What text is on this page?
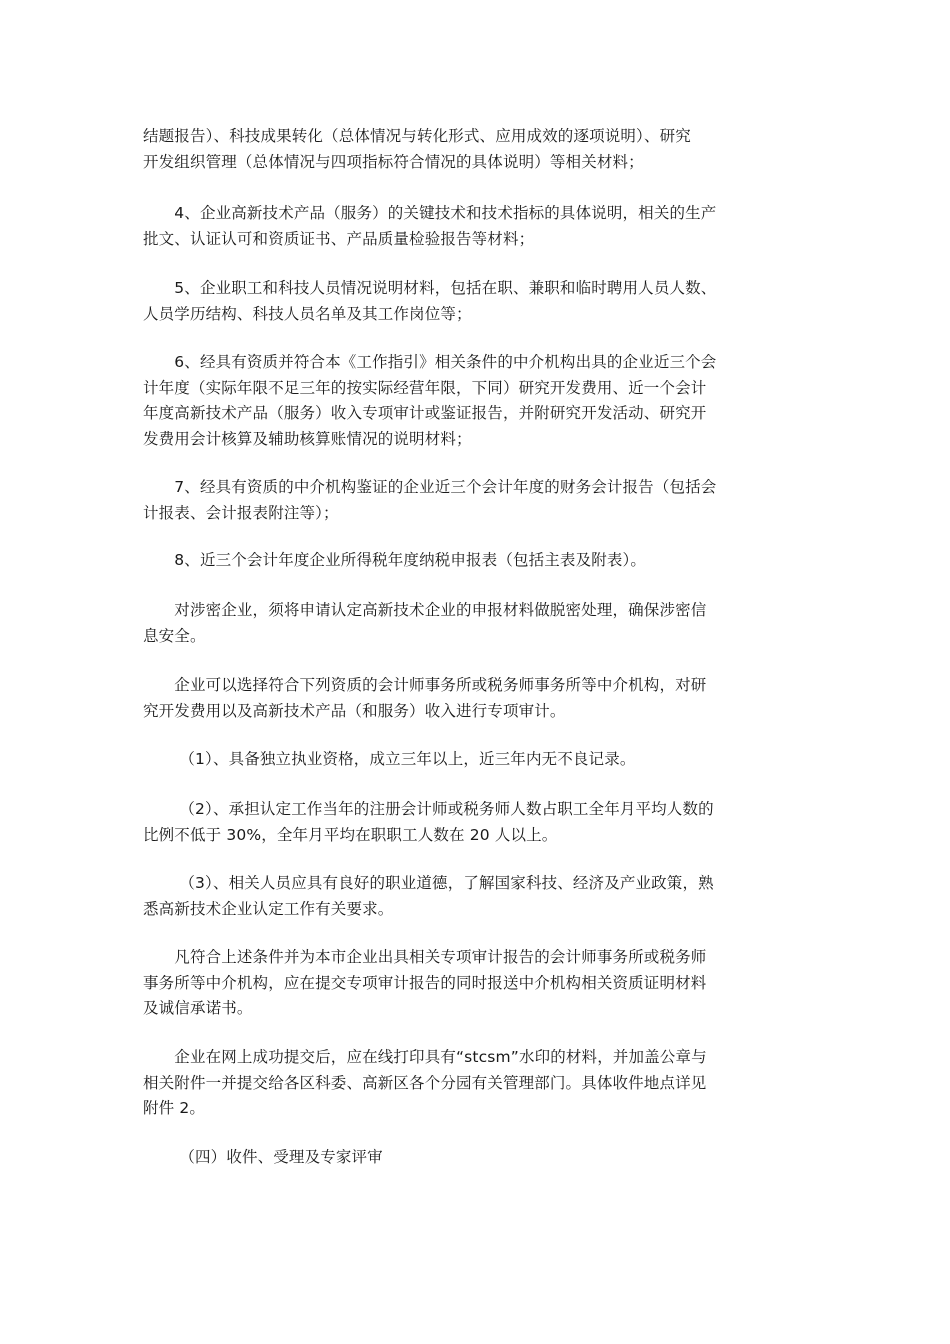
结题报告）、科技成果转化（总体情况与转化形式、应用成效的逐项说明）、研究
开发组织管理（总体情况与四项指标符合情况的具体说明）等相关材料；

　　4、企业高新技术产品（服务）的关键技术和技术指标的具体说明，相关的生产
批文、认证认可和资质证书、产品质量检验报告等材料；

　　5、企业职工和科技人员情况说明材料，包括在职、兼职和临时聘用人员人数、
人员学历结构、科技人员名单及其工作岗位等；

　　6、经具有资质并符合本《工作指引》相关条件的中介机构出具的企业近三个会
计年度（实际年限不足三年的按实际经营年限，下同）研究开发费用、近一个会计
年度高新技术产品（服务）收入专项审计或鉴证报告，并附研究开发活动、研究开
发费用会计核算及辅助核算账情况的说明材料；

　　7、经具有资质的中介机构鉴证的企业近三个会计年度的财务会计报告（包括会
计报表、会计报表附注等）；

　　8、近三个会计年度企业所得税年度纳税申报表（包括主表及附表）。

　　对涉密企业，须将申请认定高新技术企业的申报材料做脱密处理，确保涉密信
息安全。

　　企业可以选择符合下列资质的会计师事务所或税务师事务所等中介机构，对研
究开发费用以及高新技术产品（和服务）收入进行专项审计。

　　 （1）、具备独立执业资格，成立三年以上，近三年内无不良记录。

　　 （2）、承担认定工作当年的注册会计师或税务师人数占职工全年月平均人数的
比例不低于 30%，全年月平均在职职工人数在 20 人以上。

　　 （3）、相关人员应具有良好的职业道德，了解国家科技、经济及产业政策，熟
悉高新技术企业认定工作有关要求。

　　凡符合上述条件并为本市企业出具相关专项审计报告的会计师事务所或税务师
事务所等中介机构，应在提交专项审计报告的同时报送中介机构相关资质证明材料
及诚信承诺书。

　　企业在网上成功提交后，应在线打印具有“stcsm”水印的材料，并加盖公章与
相关附件一并提交给各区科委、高新区各个分园有关管理部门。具体收件地点详见
附件 2。

　　 （四）收件、受理及专家评审
